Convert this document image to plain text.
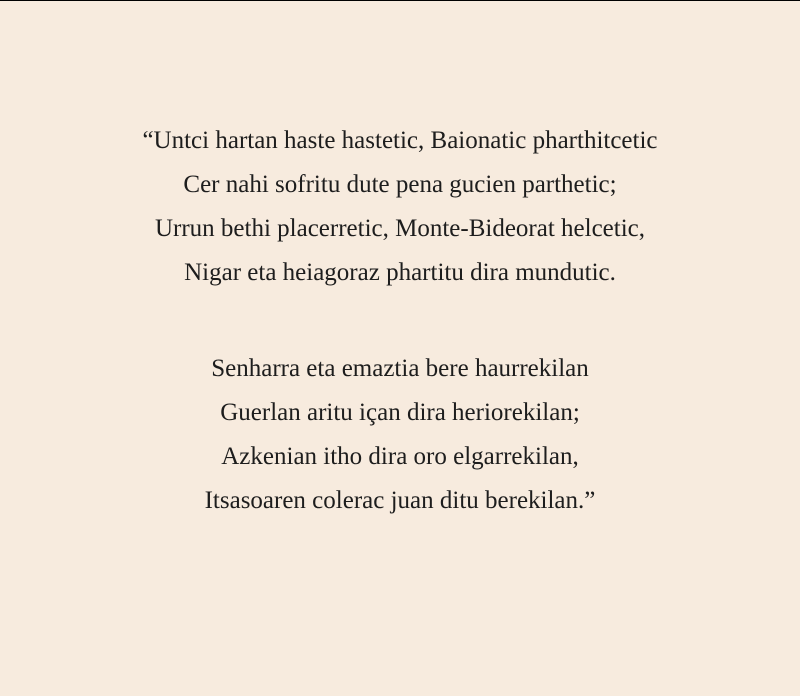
“Untci hartan haste hastetic, Baionatic pharthitcetic
Cer nahi sofritu dute pena gucien parthetic;
Urrun bethi placerretic, Monte-Bideorat helcetic,
Nigar eta heiagoraz phartitu dira mundutic.
Senharra eta emaztia bere haurrekilan
Guerlan aritu içan dira heriorekilan;
Azkenian itho dira oro elgarrekilan,
Itsasoaren colerac juan ditu berekilan.”
